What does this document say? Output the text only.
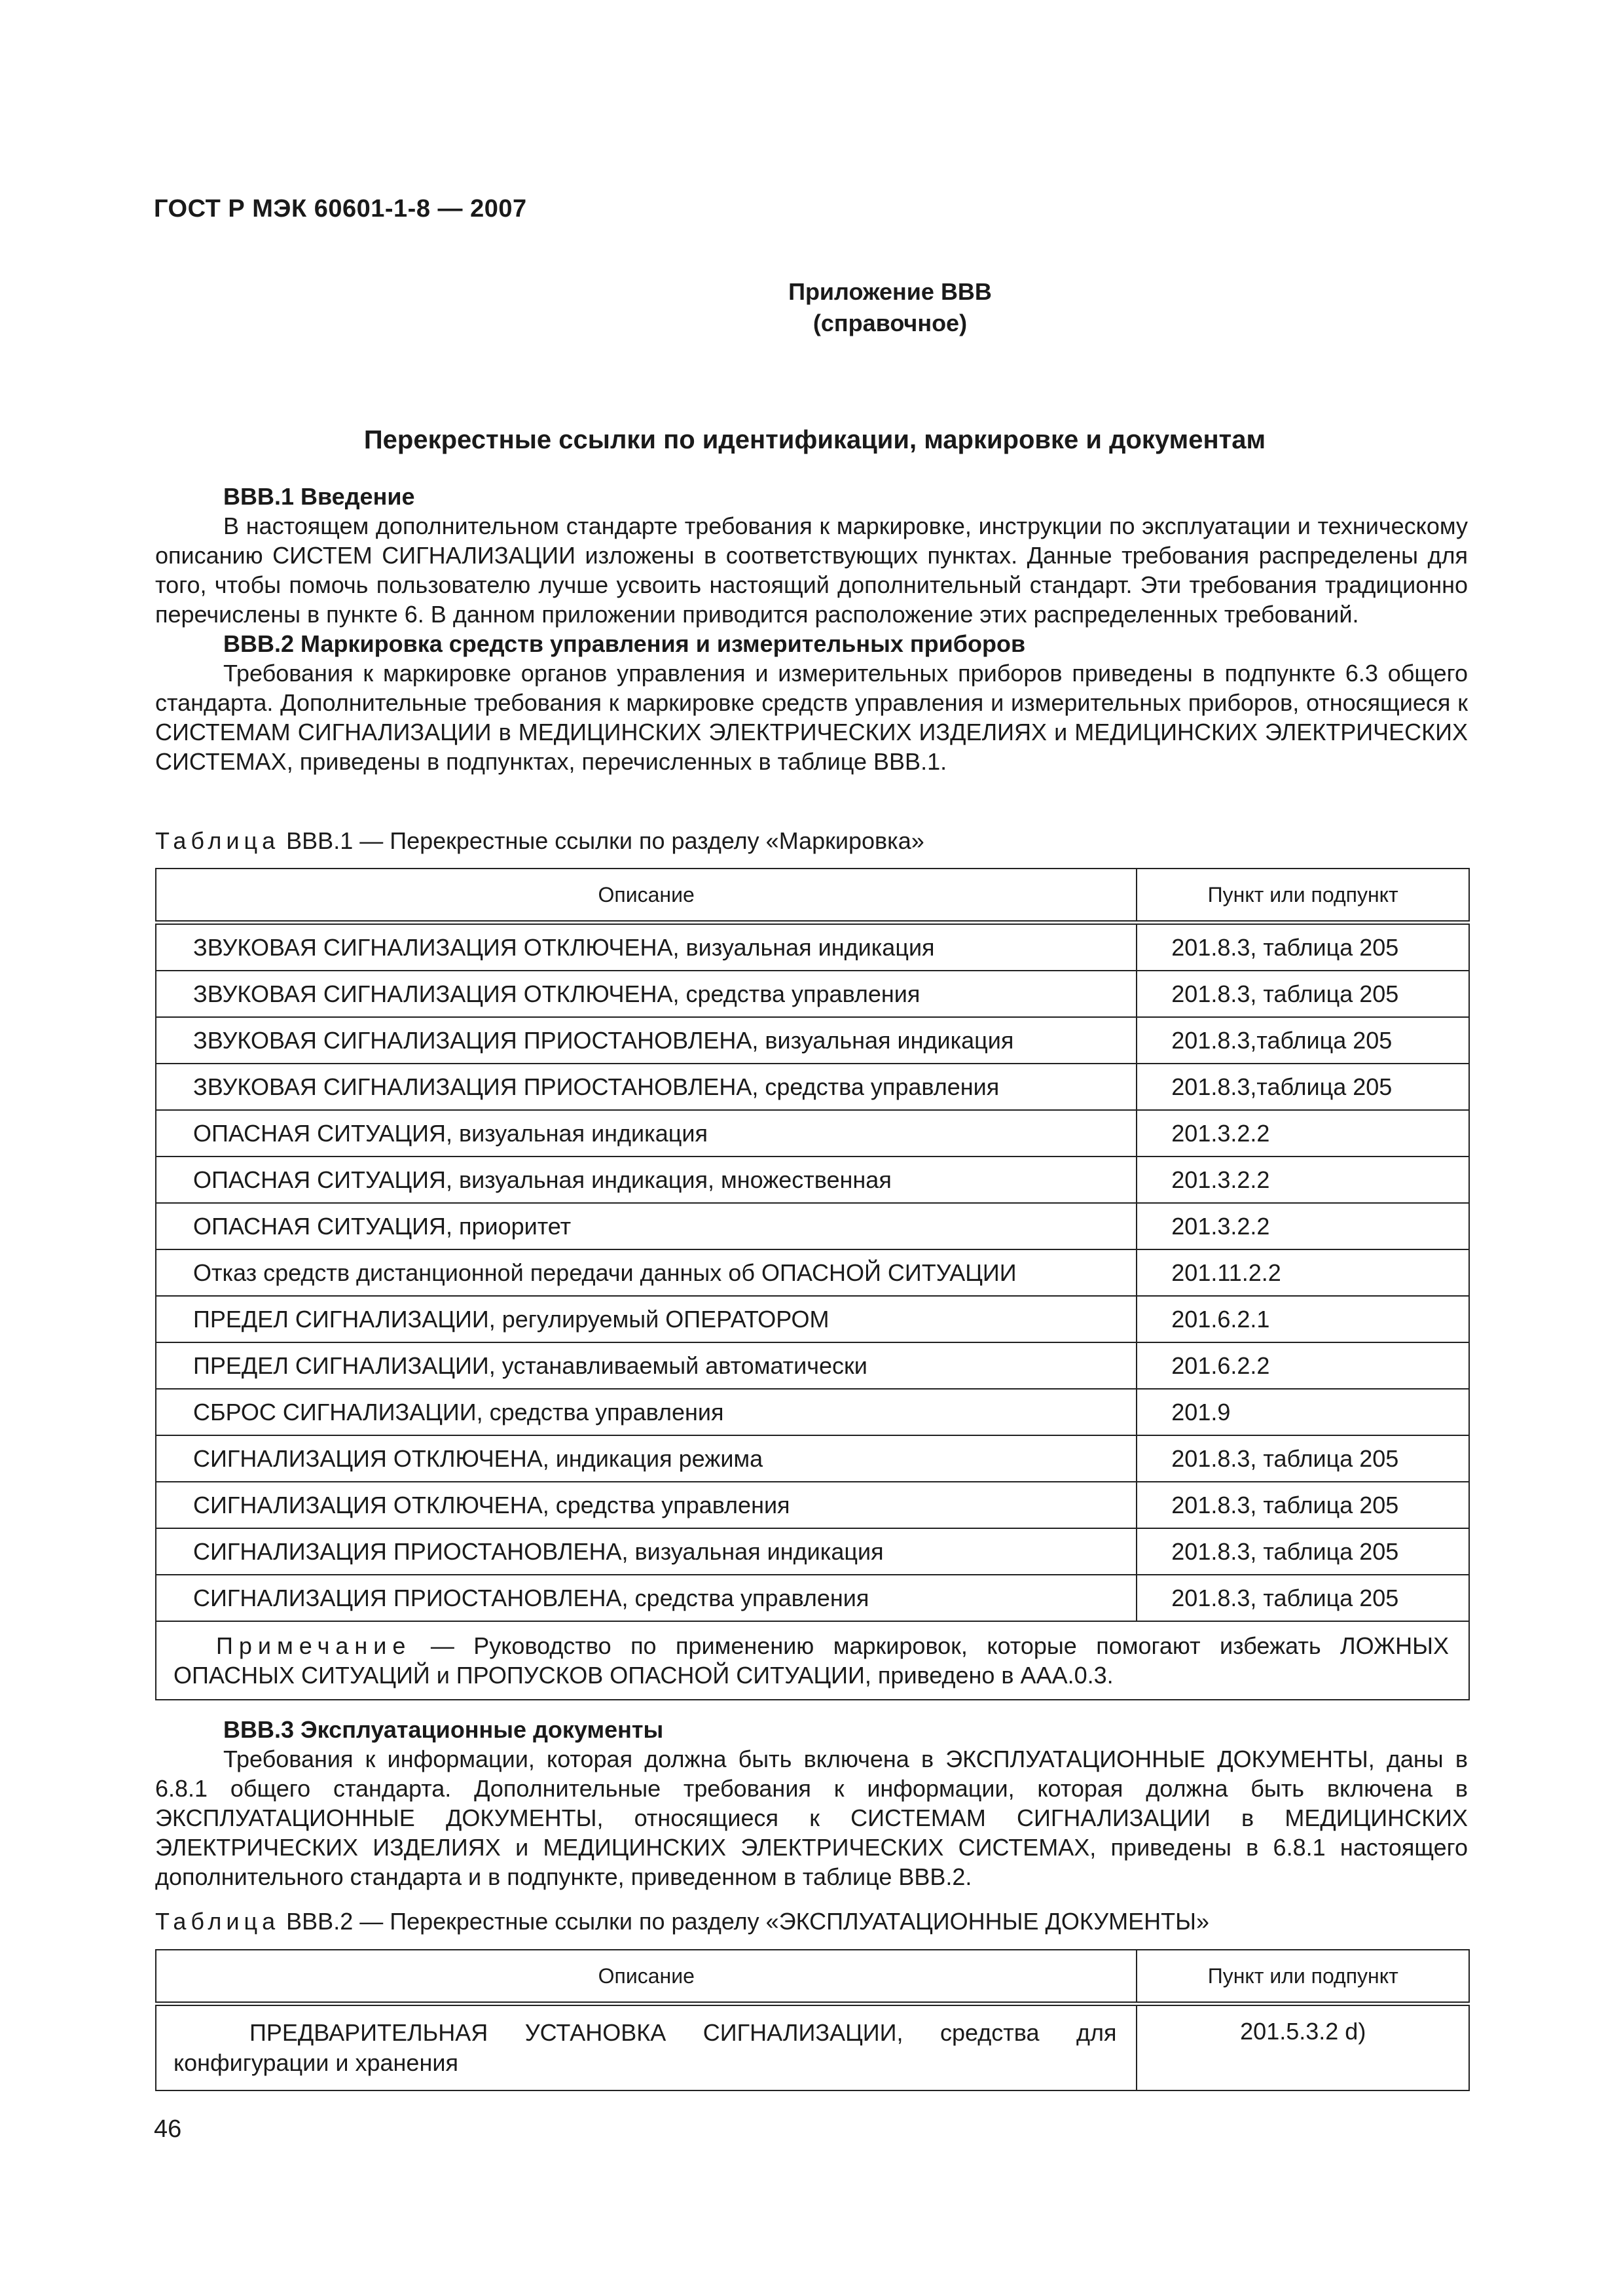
ГОСТ Р МЭК 60601-1-8 — 2007
Приложение ВВВ
(справочное)
Перекрестные ссылки по идентификации, маркировке и документам
ВВВ.1 Введение
В настоящем дополнительном стандарте требования к маркировке, инструкции по эксплуатации и техническому описанию СИСТЕМ СИГНАЛИЗАЦИИ изложены в соответствующих пунктах. Данные требования распределены для того, чтобы помочь пользователю лучше усвоить настоящий дополнительный стандарт. Эти требования традиционно перечислены в пункте 6. В данном приложении приводится расположение этих распределенных требований.
ВВВ.2 Маркировка средств управления и измерительных приборов
Требования к маркировке органов управления и измерительных приборов приведены в подпункте 6.3 общего стандарта. Дополнительные требования к маркировке средств управления и измерительных приборов, относящиеся к СИСТЕМАМ СИГНАЛИЗАЦИИ в МЕДИЦИНСКИХ ЭЛЕКТРИЧЕСКИХ ИЗДЕЛИЯХ и МЕДИЦИНСКИХ ЭЛЕКТРИЧЕСКИХ СИСТЕМАХ, приведены в подпунктах, перечисленных в таблице ВВВ.1.
Таблица ВВВ.1 — Перекрестные ссылки по разделу «Маркировка»
Описание	Пункт или подпункт
ЗВУКОВАЯ СИГНАЛИЗАЦИЯ ОТКЛЮЧЕНА, визуальная индикация	201.8.3, таблица 205
ЗВУКОВАЯ СИГНАЛИЗАЦИЯ ОТКЛЮЧЕНА, средства управления	201.8.3, таблица 205
ЗВУКОВАЯ СИГНАЛИЗАЦИЯ ПРИОСТАНОВЛЕНА, визуальная индикация	201.8.3,таблица 205
ЗВУКОВАЯ СИГНАЛИЗАЦИЯ ПРИОСТАНОВЛЕНА, средства управления	201.8.3,таблица 205
ОПАСНАЯ СИТУАЦИЯ, визуальная индикация	201.3.2.2
ОПАСНАЯ СИТУАЦИЯ, визуальная индикация, множественная	201.3.2.2
ОПАСНАЯ СИТУАЦИЯ, приоритет	201.3.2.2
Отказ средств дистанционной передачи данных об ОПАСНОЙ СИТУАЦИИ	201.11.2.2
ПРЕДЕЛ СИГНАЛИЗАЦИИ, регулируемый ОПЕРАТОРОМ	201.6.2.1
ПРЕДЕЛ СИГНАЛИЗАЦИИ, устанавливаемый автоматически	201.6.2.2
СБРОС СИГНАЛИЗАЦИИ, средства управления	201.9
СИГНАЛИЗАЦИЯ ОТКЛЮЧЕНА, индикация режима	201.8.3, таблица 205
СИГНАЛИЗАЦИЯ ОТКЛЮЧЕНА, средства управления	201.8.3, таблица 205
СИГНАЛИЗАЦИЯ ПРИОСТАНОВЛЕНА, визуальная индикация	201.8.3, таблица 205
СИГНАЛИЗАЦИЯ ПРИОСТАНОВЛЕНА, средства управления	201.8.3, таблица 205
Примечание — Руководство по применению маркировок, которые помогают избежать ЛОЖНЫХ ОПАСНЫХ СИТУАЦИЙ и ПРОПУСКОВ ОПАСНОЙ СИТУАЦИИ, приведено в ААА.0.3.	
ВВВ.3 Эксплуатационные документы
Требования к информации, которая должна быть включена в ЭКСПЛУАТАЦИОННЫЕ ДОКУМЕНТЫ, даны в 6.8.1 общего стандарта. Дополнительные требования к информации, которая должна быть включена в ЭКСПЛУАТАЦИОННЫЕ ДОКУМЕНТЫ, относящиеся к СИСТЕМАМ СИГНАЛИЗАЦИИ в МЕДИЦИНСКИХ ЭЛЕКТРИЧЕСКИХ ИЗДЕЛИЯХ и МЕДИЦИНСКИХ ЭЛЕКТРИЧЕСКИХ СИСТЕМАХ, приведены в 6.8.1 настоящего дополнительного стандарта и в подпункте, приведенном в таблице ВВВ.2.
Таблица ВВВ.2 — Перекрестные ссылки по разделу «ЭКСПЛУАТАЦИОННЫЕ ДОКУМЕНТЫ»
Описание	Пункт или подпункт
ПРЕДВАРИТЕЛЬНАЯ УСТАНОВКА СИГНАЛИЗАЦИИ, средства для конфигурации и хранения	201.5.3.2 d)
46
